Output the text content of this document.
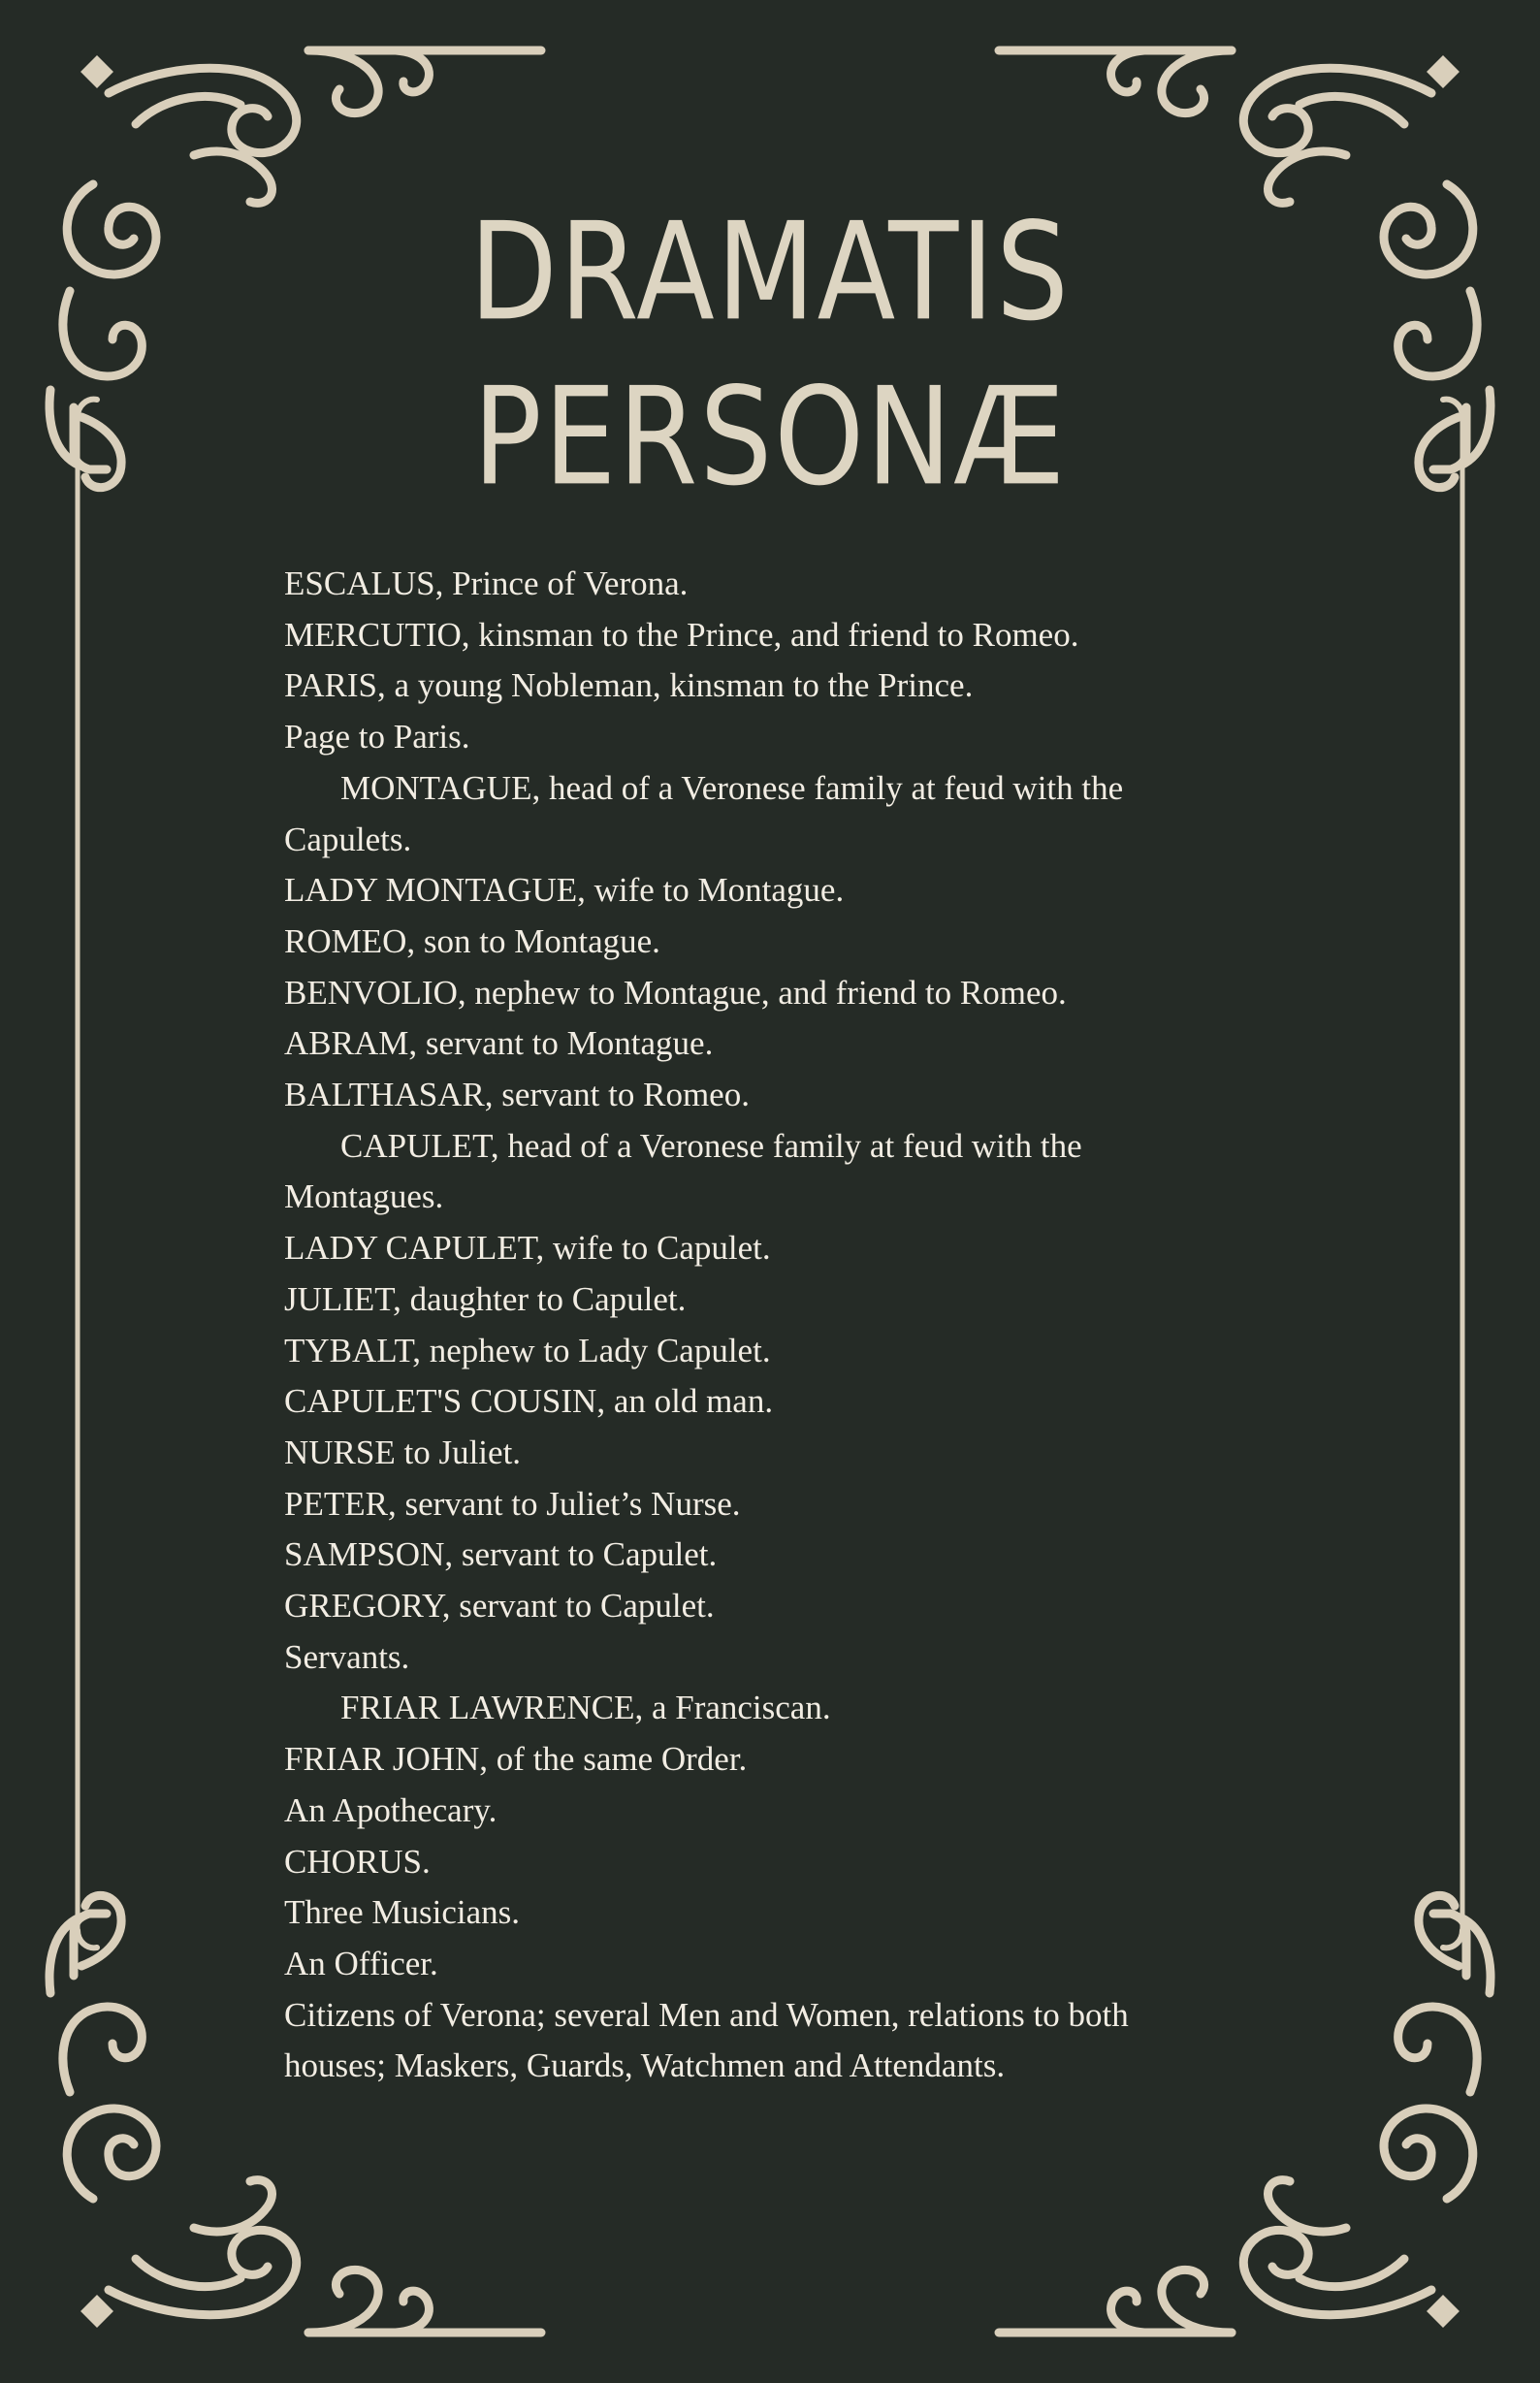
DRAMATIS
PERSONÆ
ESCALUS, Prince of Verona.
MERCUTIO, kinsman to the Prince, and friend to Romeo.
PARIS, a young Nobleman, kinsman to the Prince.
Page to Paris.
MONTAGUE, head of a Veronese family at feud with the
Capulets.
LADY MONTAGUE, wife to Montague.
ROMEO, son to Montague.
BENVOLIO, nephew to Montague, and friend to Romeo.
ABRAM, servant to Montague.
BALTHASAR, servant to Romeo.
CAPULET, head of a Veronese family at feud with the
Montagues.
LADY CAPULET, wife to Capulet.
JULIET, daughter to Capulet.
TYBALT, nephew to Lady Capulet.
CAPULET'S COUSIN, an old man.
NURSE to Juliet.
PETER, servant to Juliet’s Nurse.
SAMPSON, servant to Capulet.
GREGORY, servant to Capulet.
Servants.
FRIAR LAWRENCE, a Franciscan.
FRIAR JOHN, of the same Order.
An Apothecary.
CHORUS.
Three Musicians.
An Officer.
Citizens of Verona; several Men and Women, relations to both
houses; Maskers, Guards, Watchmen and Attendants.
